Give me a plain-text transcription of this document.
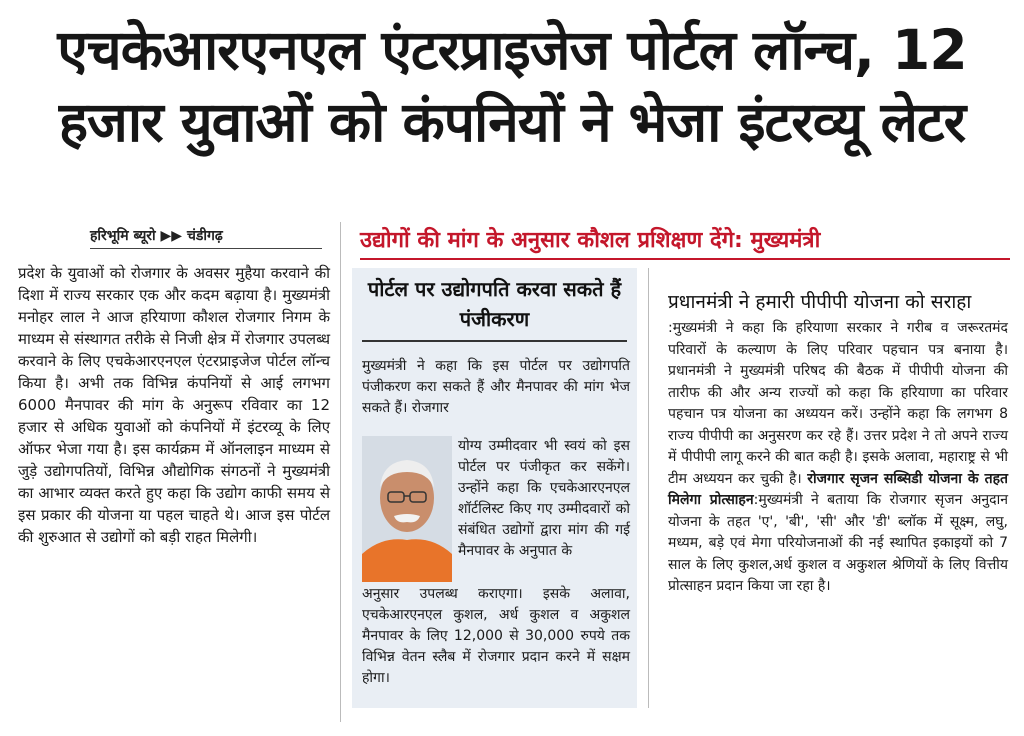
एचकेआरएनएल एंटरप्राइजेज पोर्टल लॉन्च, 12
हजार युवाओं को कंपनियों ने भेजा इंटरव्यू लेटर
हरिभूमि ब्यूरो ▶▶ चंडीगढ़
प्रदेश के युवाओं को रोजगार के अवसर मुहैया करवाने की दिशा में राज्य सरकार एक और कदम बढ़ाया है। मुख्यमंत्री मनोहर लाल ने आज हरियाणा कौशल रोजगार निगम के माध्यम से संस्थागत तरीके से निजी क्षेत्र में रोजगार उपलब्ध करवाने के लिए एचकेआरएनएल एंटरप्राइजेज पोर्टल लॉन्च किया है। अभी तक विभिन्न कंपनियों से आई लगभग 6000 मैनपावर की मांग के अनुरूप रविवार का 12 हजार से अधिक युवाओं को कंपनियों में इंटरव्यू के लिए ऑफर भेजा गया है। इस कार्यक्रम में ऑनलाइन माध्यम से जुड़े उद्योगपतियों, विभिन्न औद्योगिक संगठनों ने मुख्यमंत्री का आभार व्यक्त करते हुए कहा कि उद्योग काफी समय से इस प्रकार की योजना या पहल चाहते थे। आज इस पोर्टल की शुरुआत से उद्योगों को बड़ी राहत मिलेगी।
उद्योगों की मांग के अनुसार कौशल प्रशिक्षण देंगे: मुख्यमंत्री
पोर्टल पर उद्योगपति करवा सकते हैं पंजीकरण
मुख्यमंत्री ने कहा कि इस पोर्टल पर उद्योगपति पंजीकरण करा सकते हैं और मैनपावर की मांग भेज सकते हैं। रोजगार
योग्य उम्मीदवार भी स्वयं को इस पोर्टल पर पंजीकृत कर सकेंगे। उन्होंने कहा कि एचकेआरएनएल शॉर्टलिस्ट किए गए उम्मीदवारों को संबंधित उद्योगों द्वारा मांग की गई मैनपावर के अनुपात के
अनुसार उपलब्ध कराएगा। इसके अलावा, एचकेआरएनएल कुशल, अर्ध कुशल व अकुशल मैनपावर के लिए 12,000 से 30,000 रुपये तक विभिन्न वेतन स्लैब में रोजगार प्रदान करने में सक्षम होगा।
प्रधानमंत्री ने हमारी पीपीपी योजना को सराहा
:मुख्यमंत्री ने कहा कि हरियाणा सरकार ने गरीब व जरूरतमंद परिवारों के कल्याण के लिए परिवार पहचान पत्र बनाया है। प्रधानमंत्री ने मुख्यमंत्री परिषद की बैठक में पीपीपी योजना की तारीफ की और अन्य राज्यों को कहा कि हरियाणा का परिवार पहचान पत्र योजना का अध्ययन करें। उन्होंने कहा कि लगभग 8 राज्य पीपीपी का अनुसरण कर रहे हैं। उत्तर प्रदेश ने तो अपने राज्य में पीपीपी लागू करने की बात कही है। इसके अलावा, महाराष्ट्र से भी टीम अध्ययन कर चुकी है। रोजगार सृजन सब्सिडी योजना के तहत मिलेगा प्रोत्साहन:मुख्यमंत्री ने बताया कि रोजगार सृजन अनुदान योजना के तहत 'ए', 'बी', 'सी' और 'डी' ब्लॉक में सूक्ष्म, लघु, मध्यम, बड़े एवं मेगा परियोजनाओं की नई स्थापित इकाइयों को 7 साल के लिए कुशल,अर्ध कुशल व अकुशल श्रेणियों के लिए वित्तीय प्रोत्साहन प्रदान किया जा रहा है।
